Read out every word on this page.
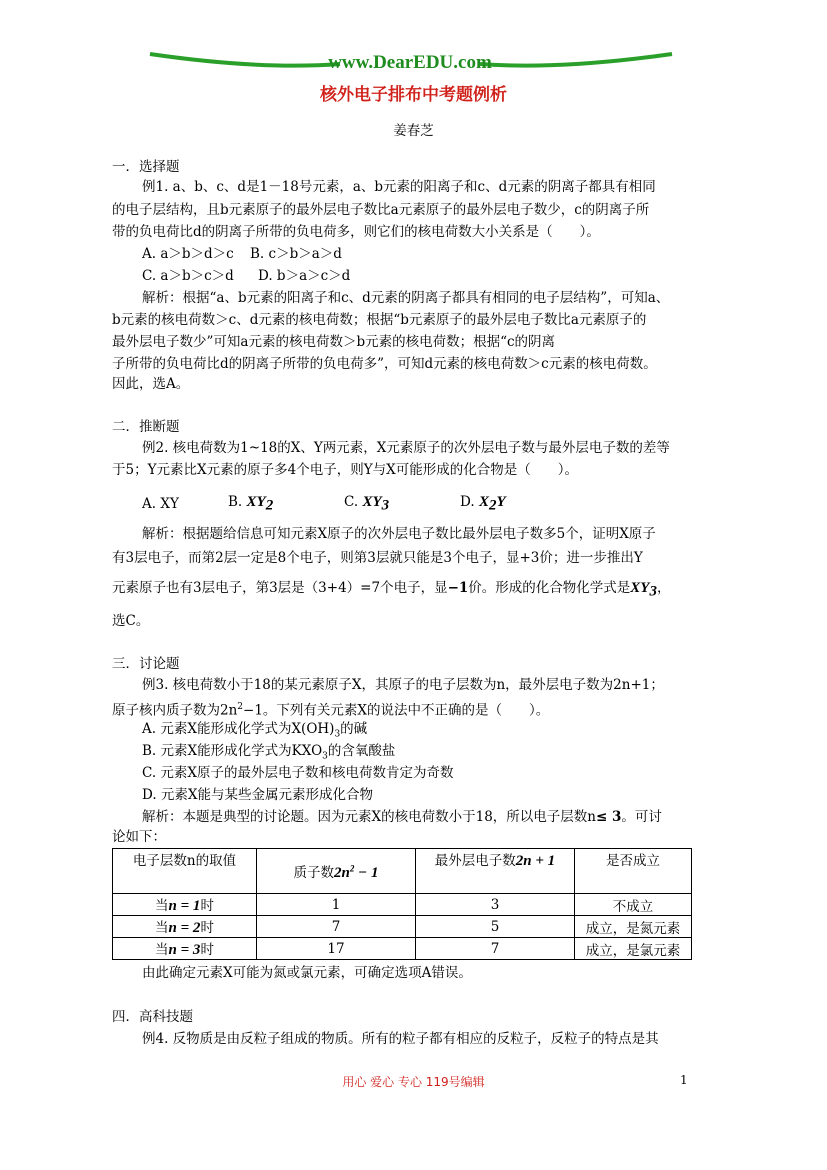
www.DearEDU.com
核外电子排布中考题例析
姜春芝
一．选择题
例1. a、b、c、d是1－18号元素，a、b元素的阳离子和c、d元素的阴离子都具有相同
的电子层结构，且b元素原子的最外层电子数比a元素原子的最外层电子数少，c的阴离子所
带的负电荷比d的阴离子所带的负电荷多，则它们的核电荷数大小关系是（　　）。
A. a＞b＞d＞c B. c＞b＞a＞d
C. a＞b＞c＞d D. b＞a＞c＞d
解析：根据“a、b元素的阳离子和c、d元素的阴离子都具有相同的电子层结构”，可知a、
b元素的核电荷数＞c、d元素的核电荷数；根据“b元素原子的最外层电子数比a元素原子的
最外层电子数少”可知a元素的核电荷数＞b元素的核电荷数；根据“c的阴离
子所带的负电荷比d的阴离子所带的负电荷多”，可知d元素的核电荷数＞c元素的核电荷数。
因此，选A。
二．推断题
例2. 核电荷数为1~18的X、Y两元素，X元素原子的次外层电子数与最外层电子数的差等
于5；Y元素比X元素的原子多4个电子，则Y与X可能形成的化合物是（　　）。
A. XY	B. $XY_2$	C. $XY_3$	D. $X_2Y$
解析：根据题给信息可知元素X原子的次外层电子数比最外层电子数多5个，证明X原子
有3层电子，而第2层一定是8个电子，则第3层就只能是3个电子，显+3价；进一步推出Y
元素原子也有3层电子，第3层是（3+4）=7个电子，显−1价。形成的化合物化学式是$XY_3$，
选C。
三．讨论题
例3. 核电荷数小于18的某元素原子X，其原子的电子层数为n，最外层电子数为2n+1；
原子核内质子数为$2n^2-1$。下列有关元素X的说法中不正确的是（　　）。
A. 元素X能形成化学式为$X(OH)_3$的碱
B. 元素X能形成化学式为$KXO_3$的含氧酸盐
C. 元素X原子的最外层电子数和核电荷数肯定为奇数
D. 元素X能与某些金属元素形成化合物
解析：本题是典型的讨论题。因为元素X的核电荷数小于18，所以电子层数n≤ 3。可讨
论如下：
电子层数n的取值	质子数$2n^2 - 1$	最外层电子数2n + 1	是否成立
当n = 1时	1	3	不成立
当n = 2时	7	5	成立，是氮元素
当n = 3时	17	7	成立，是氯元素
由此确定元素X可能为氮或氯元素，可确定选项A错误。
四．高科技题
例4. 反物质是由反粒子组成的物质。所有的粒子都有相应的反粒子，反粒子的特点是其
用心 爱心 专心 119号编辑	1
